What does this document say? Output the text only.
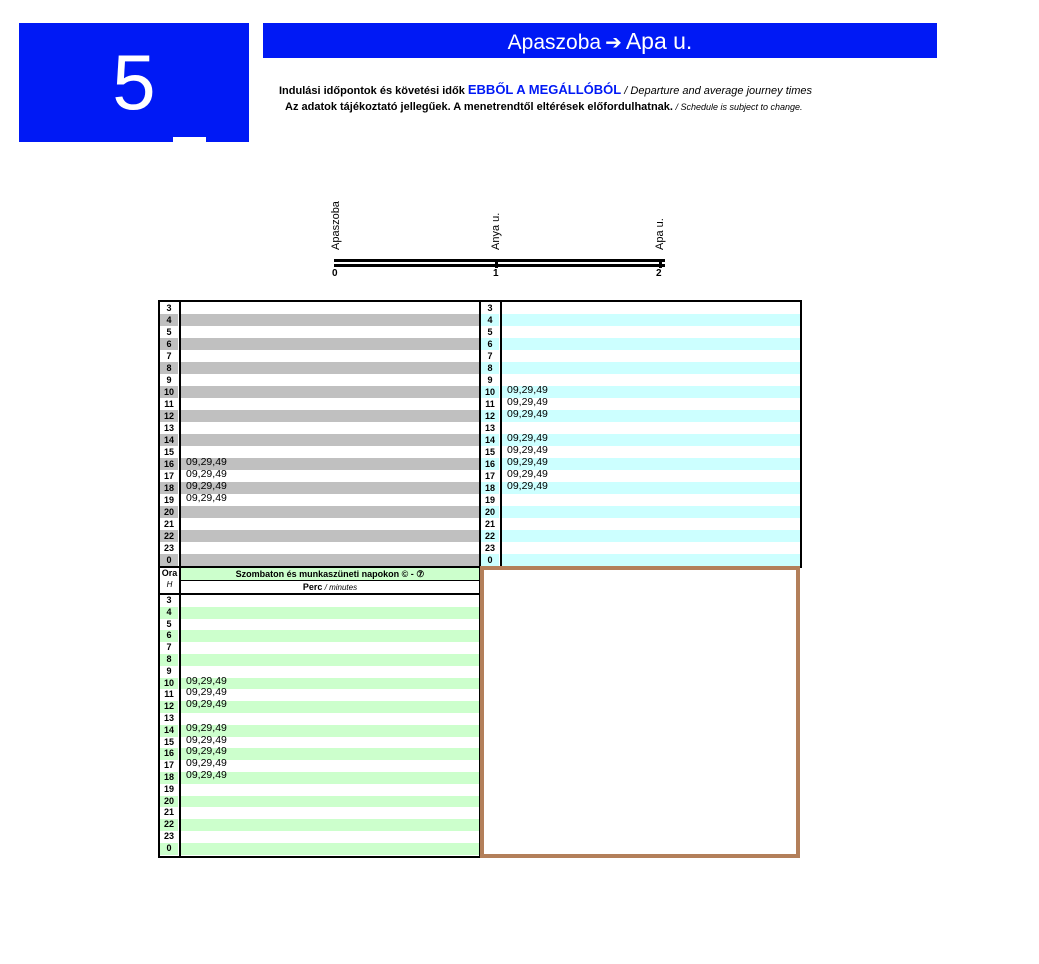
5	Apaszoba ➔ Apa u.
Indulási időpontok és követési idők EBBŐL A MEGÁLLÓBÓL / Departure and average journey times
Az adatok tájékoztató jellegűek. A menetrendtől eltérések előfordulhatnak. / Schedule is subject to change.
Apaszoba	Anya u.	Apa u.
0	1	2
3
4
5
6
7
8
9
10
11
12
13
14
15
16	09,29,49
17	09,29,49
18	09,29,49
19	09,29,49
20
21
22
23
0
3
4
5
6
7
8
9
10	09,29,49
11	09,29,49
12	09,29,49
13
14	09,29,49
15	09,29,49
16	09,29,49
17	09,29,49
18	09,29,49
19
20
21
22
23
0
Ora
H
Szombaton és munkaszüneti napokon © - ⑦
Perc / minutes
3
4
5
6
7
8
9
10	09,29,49
11	09,29,49
12	09,29,49
13
14	09,29,49
15	09,29,49
16	09,29,49
17	09,29,49
18	09,29,49
19
20
21
22
23
0
